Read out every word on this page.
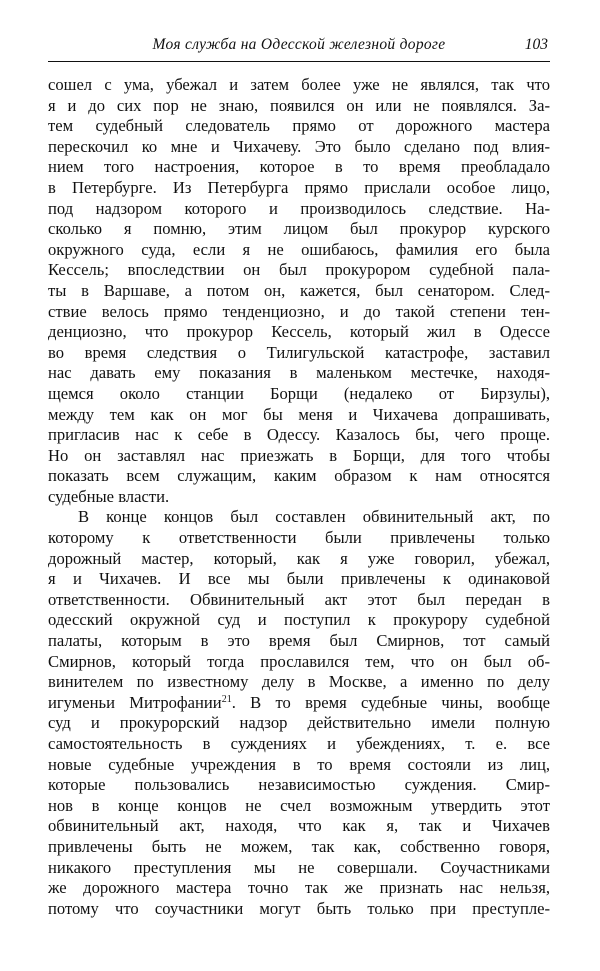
Моя служба на Одесской железной дороге	103
сошел с ума, убежал и затем более уже не являлся, так что
я и до сих пор не знаю, появился он или не появлялся. За-
тем судебный следователь прямо от дорожного мастера
перескочил ко мне и Чихачеву. Это было сделано под влия-
нием того настроения, которое в то время преобладало
в Петербурге. Из Петербурга прямо прислали особое лицо,
под надзором которого и производилось следствие. На-
сколько я помню, этим лицом был прокурор курского
окружного суда, если я не ошибаюсь, фамилия его была
Кессель; впоследствии он был прокурором судебной пала-
ты в Варшаве, а потом он, кажется, был сенатором. След-
ствие велось прямо тенденциозно, и до такой степени тен-
денциозно, что прокурор Кессель, который жил в Одессе
во время следствия о Тилигульской катастрофе, заставил
нас давать ему показания в маленьком местечке, находя-
щемся около станции Борщи (недалеко от Бирзулы),
между тем как он мог бы меня и Чихачева допрашивать,
пригласив нас к себе в Одессу. Казалось бы, чего проще.
Но он заставлял нас приезжать в Борщи, для того чтобы
показать всем служащим, каким образом к нам относятся
судебные власти.
В конце концов был составлен обвинительный акт, по
которому к ответственности были привлечены только
дорожный мастер, который, как я уже говорил, убежал,
я и Чихачев. И все мы были привлечены к одинаковой
ответственности. Обвинительный акт этот был передан в
одесский окружной суд и поступил к прокурору судебной
палаты, которым в это время был Смирнов, тот самый
Смирнов, который тогда прославился тем, что он был об-
винителем по известному делу в Москве, а именно по делу
игуменьи Митрофании$^{21}$. В то время судебные чины, вообще
суд и прокурорский надзор действительно имели полную
самостоятельность в суждениях и убеждениях, т. е. все
новые судебные учреждения в то время состояли из лиц,
которые пользовались независимостью суждения. Смир-
нов в конце концов не счел возможным утвердить этот
обвинительный акт, находя, что как я, так и Чихачев
привлечены быть не можем, так как, собственно говоря,
никакого преступления мы не совершали. Соучастниками
же дорожного мастера точно так же признать нас нельзя,
потому что соучастники могут быть только при преступле-
